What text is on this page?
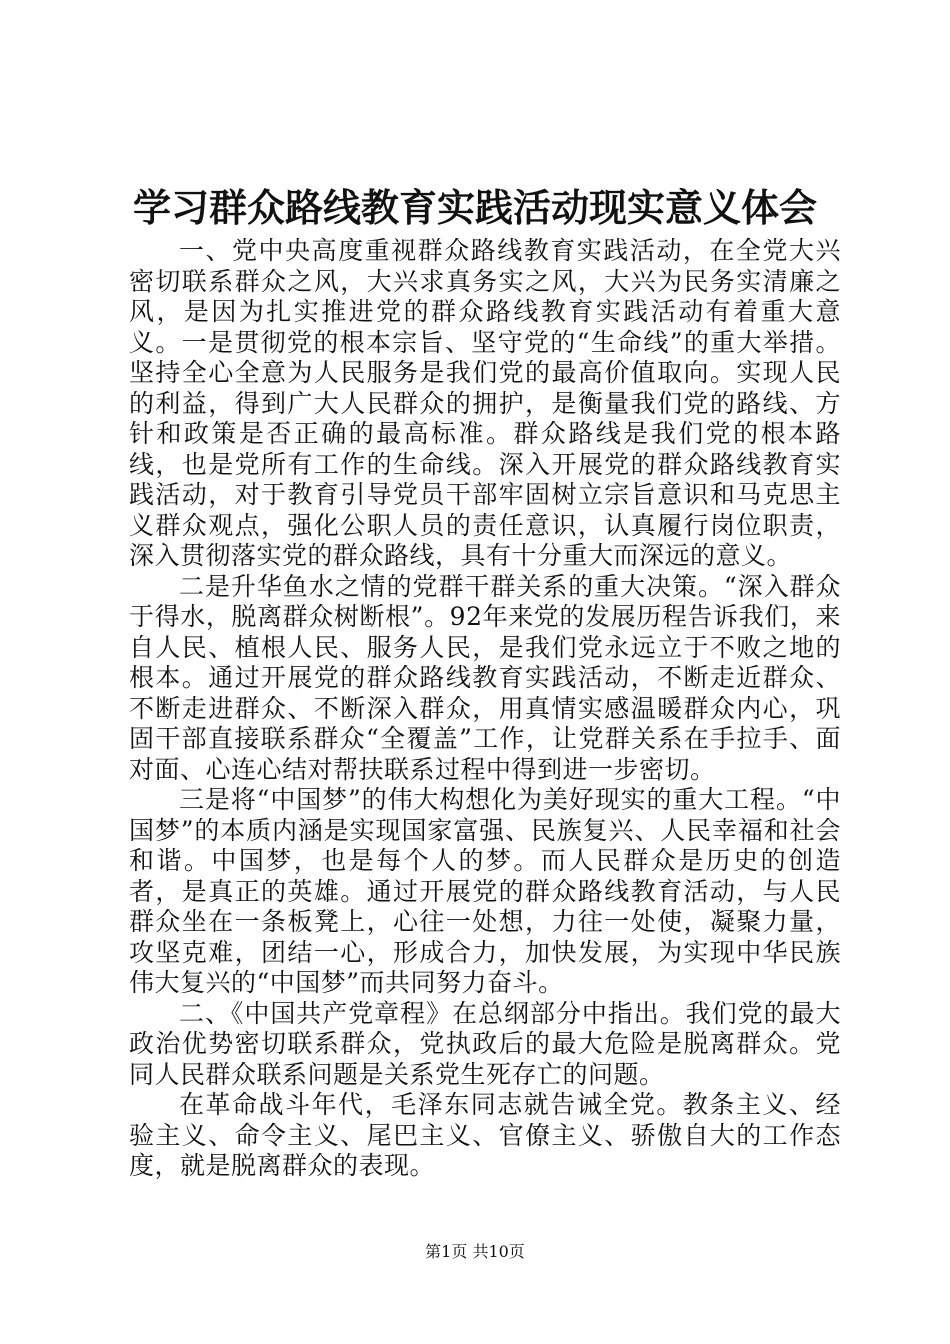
学习群众路线教育实践活动现实意义体会

一、党中央高度重视群众路线教育实践活动，在全党大兴密切联系群众之风，大兴求真务实之风，大兴为民务实清廉之风，是因为扎实推进党的群众路线教育实践活动有着重大意义。一是贯彻党的根本宗旨、坚守党的“生命线”的重大举措。坚持全心全意为人民服务是我们党的最高价值取向。实现人民的利益，得到广大人民群众的拥护，是衡量我们党的路线、方针和政策是否正确的最高标准。群众路线是我们党的根本路线，也是党所有工作的生命线。深入开展党的群众路线教育实践活动，对于教育引导党员干部牢固树立宗旨意识和马克思主义群众观点，强化公职人员的责任意识，认真履行岗位职责，深入贯彻落实党的群众路线，具有十分重大而深远的意义。

二是升华鱼水之情的党群干群关系的重大决策。“深入群众于得水，脱离群众树断根”。92年来党的发展历程告诉我们，来自人民、植根人民、服务人民，是我们党永远立于不败之地的根本。通过开展党的群众路线教育实践活动，不断走近群众、不断走进群众、不断深入群众，用真情实感温暖群众内心，巩固干部直接联系群众“全覆盖”工作，让党群关系在手拉手、面对面、心连心结对帮扶联系过程中得到进一步密切。

三是将“中国梦”的伟大构想化为美好现实的重大工程。“中国梦”的本质内涵是实现国家富强、民族复兴、人民幸福和社会和谐。中国梦，也是每个人的梦。而人民群众是历史的创造者，是真正的英雄。通过开展党的群众路线教育活动，与人民群众坐在一条板凳上，心往一处想，力往一处使，凝聚力量，攻坚克难，团结一心，形成合力，加快发展，为实现中华民族伟大复兴的“中国梦”而共同努力奋斗。

二、《中国共产党章程》在总纲部分中指出。我们党的最大政治优势密切联系群众，党执政后的最大危险是脱离群众。党同人民群众联系问题是关系党生死存亡的问题。

在革命战斗年代，毛泽东同志就告诫全党。教条主义、经验主义、命令主义、尾巴主义、官僚主义、骄傲自大的工作态度，就是脱离群众的表现。

第1页 共10页
